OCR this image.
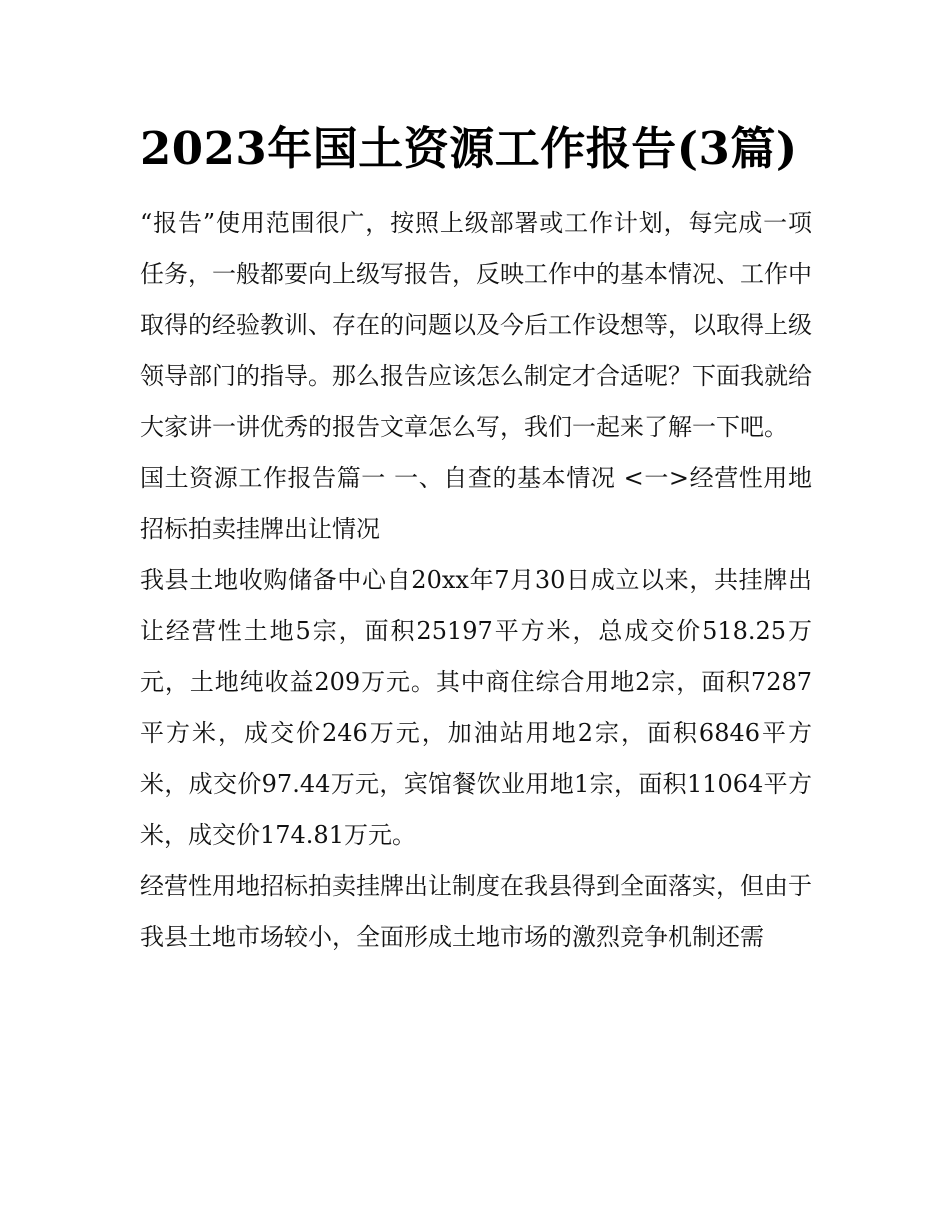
2023年国土资源工作报告(3篇)

“报告”使用范围很广，按照上级部署或工作计划，每完成一项任务，一般都要向上级写报告，反映工作中的基本情况、工作中取得的经验教训、存在的问题以及今后工作设想等，以取得上级领导部门的指导。那么报告应该怎么制定才合适呢？下面我就给大家讲一讲优秀的报告文章怎么写，我们一起来了解一下吧。

国土资源工作报告篇一 一、自查的基本情况 <一>经营性用地招标拍卖挂牌出让情况

我县土地收购储备中心自20xx年7月30日成立以来，共挂牌出让经营性土地5宗，面积25197平方米，总成交价518.25万元，土地纯收益209万元。其中商住综合用地2宗，面积7287平方米，成交价246万元，加油站用地2宗，面积6846平方米，成交价97.44万元，宾馆餐饮业用地1宗，面积11064平方米，成交价174.81万元。

经营性用地招标拍卖挂牌出让制度在我县得到全面落实，但由于我县土地市场较小，全面形成土地市场的激烈竞争机制还需
